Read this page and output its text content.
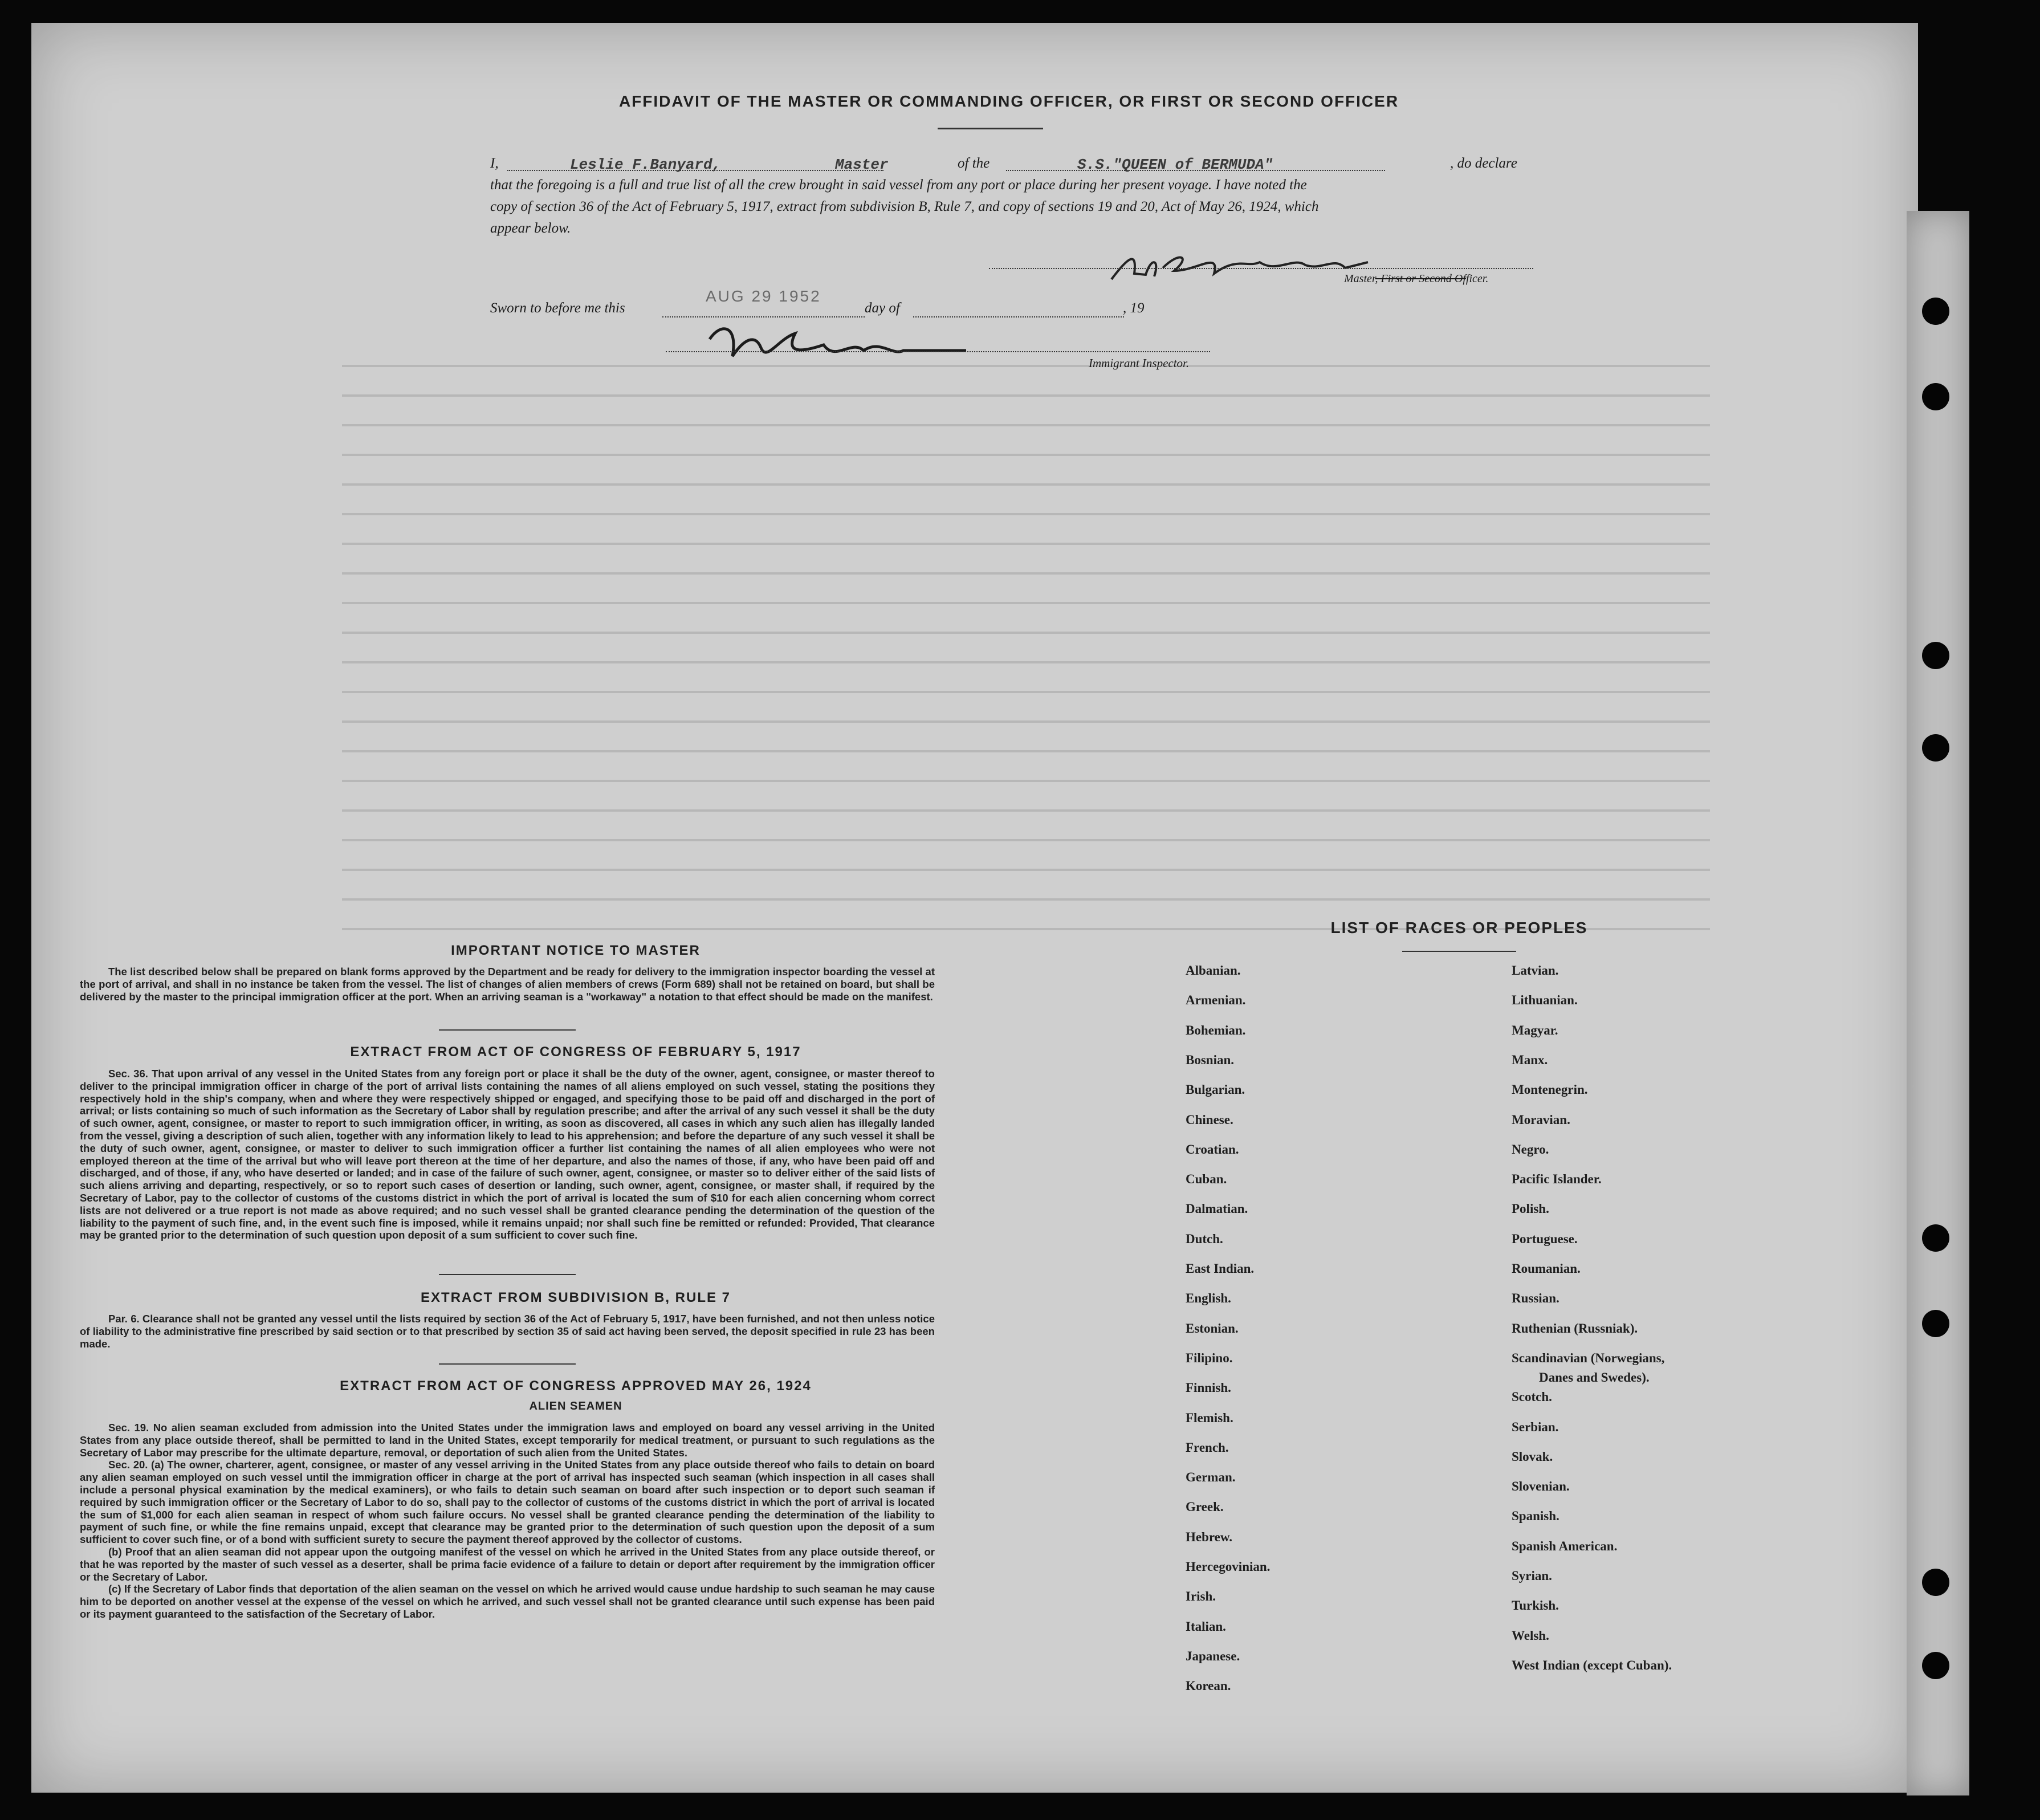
AFFIDAVIT OF THE MASTER OR COMMANDING OFFICER, OR FIRST OR SECOND OFFICER
I,	Leslie F.Banyard,	Master	of the	S.S."QUEEN of BERMUDA"	, do declare
that the foregoing is a full and true list of all the crew brought in said vessel from any port or place during her present voyage. I have noted the
copy of section 36 of the Act of February 5, 1917, extract from subdivision B, Rule 7, and copy of sections 19 and 20, Act of May 26, 1924, which
appear below.
Master, First or Second Officer.
Sworn to before me this
AUG 29 1952
day of	, 19
Immigrant Inspector.
IMPORTANT NOTICE TO MASTER

The list described below shall be prepared on blank forms approved by the Department and be ready for delivery to the immigration inspector boarding the vessel at the port of arrival, and shall in no instance be taken from the vessel. The list of changes of alien members of crews (Form 689) shall not be retained on board, but shall be delivered by the master to the principal immigration officer at the port. When an arriving seaman is a "workaway" a notation to that effect should be made on the manifest.

EXTRACT FROM ACT OF CONGRESS OF FEBRUARY 5, 1917

Sec. 36. That upon arrival of any vessel in the United States from any foreign port or place it shall be the duty of the owner, agent, consignee, or master thereof to deliver to the principal immigration officer in charge of the port of arrival lists containing the names of all aliens employed on such vessel, stating the positions they respectively hold in the ship's company, when and where they were respectively shipped or engaged, and specifying those to be paid off and discharged in the port of arrival; or lists containing so much of such information as the Secretary of Labor shall by regulation prescribe; and after the arrival of any such vessel it shall be the duty of such owner, agent, consignee, or master to report to such immigration officer, in writing, as soon as discovered, all cases in which any such alien has illegally landed from the vessel, giving a description of such alien, together with any information likely to lead to his apprehension; and before the departure of any such vessel it shall be the duty of such owner, agent, consignee, or master to deliver to such immigration officer a further list containing the names of all alien employees who were not employed thereon at the time of the arrival but who will leave port thereon at the time of her departure, and also the names of those, if any, who have been paid off and discharged, and of those, if any, who have deserted or landed; and in case of the failure of such owner, agent, consignee, or master so to deliver either of the said lists of such aliens arriving and departing, respectively, or so to report such cases of desertion or landing, such owner, agent, consignee, or master shall, if required by the Secretary of Labor, pay to the collector of customs of the customs district in which the port of arrival is located the sum of $10 for each alien concerning whom correct lists are not delivered or a true report is not made as above required; and no such vessel shall be granted clearance pending the determination of the question of the liability to the payment of such fine, and, in the event such fine is imposed, while it remains unpaid; nor shall such fine be remitted or refunded: Provided, That clearance may be granted prior to the determination of such question upon deposit of a sum sufficient to cover such fine.

EXTRACT FROM SUBDIVISION B, RULE 7

Par. 6. Clearance shall not be granted any vessel until the lists required by section 36 of the Act of February 5, 1917, have been furnished, and not then unless notice of liability to the administrative fine prescribed by said section or to that prescribed by section 35 of said act having been served, the deposit specified in rule 23 has been made.

EXTRACT FROM ACT OF CONGRESS APPROVED MAY 26, 1924
ALIEN SEAMEN

Sec. 19. No alien seaman excluded from admission into the United States under the immigration laws and employed on board any vessel arriving in the United States from any place outside thereof, shall be permitted to land in the United States, except temporarily for medical treatment, or pursuant to such regulations as the Secretary of Labor may prescribe for the ultimate departure, removal, or deportation of such alien from the United States.

Sec. 20. (a) The owner, charterer, agent, consignee, or master of any vessel arriving in the United States from any place outside thereof who fails to detain on board any alien seaman employed on such vessel until the immigration officer in charge at the port of arrival has inspected such seaman (which inspection in all cases shall include a personal physical examination by the medical examiners), or who fails to detain such seaman on board after such inspection or to deport such seaman if required by such immigration officer or the Secretary of Labor to do so, shall pay to the collector of customs of the customs district in which the port of arrival is located the sum of $1,000 for each alien seaman in respect of whom such failure occurs. No vessel shall be granted clearance pending the determination of the liability to payment of such fine, or while the fine remains unpaid, except that clearance may be granted prior to the determination of such question upon the deposit of a sum sufficient to cover such fine, or of a bond with sufficient surety to secure the payment thereof approved by the collector of customs.

(b) Proof that an alien seaman did not appear upon the outgoing manifest of the vessel on which he arrived in the United States from any place outside thereof, or that he was reported by the master of such vessel as a deserter, shall be prima facie evidence of a failure to detain or deport after requirement by the immigration officer or the Secretary of Labor.

(c) If the Secretary of Labor finds that deportation of the alien seaman on the vessel on which he arrived would cause undue hardship to such seaman he may cause him to be deported on another vessel at the expense of the vessel on which he arrived, and such vessel shall not be granted clearance until such expense has been paid or its payment guaranteed to the satisfaction of the Secretary of Labor.

LIST OF RACES OR PEOPLES
Albanian.
Armenian.
Bohemian.
Bosnian.
Bulgarian.
Chinese.
Croatian.
Cuban.
Dalmatian.
Dutch.
East Indian.
English.
Estonian.
Filipino.
Finnish.
Flemish.
French.
German.
Greek.
Hebrew.
Hercegovinian.
Irish.
Italian.
Japanese.
Korean.
Latvian.
Lithuanian.
Magyar.
Manx.
Montenegrin.
Moravian.
Negro.
Pacific Islander.
Polish.
Portuguese.
Roumanian.
Russian.
Ruthenian (Russniak).
Scandinavian (Norwegians,
Scotch.
Serbian.
Slovak.
Slovenian.
Spanish.
Spanish American.
Syrian.
Turkish.
Welsh.
West Indian (except Cuban).
Danes and Swedes).
